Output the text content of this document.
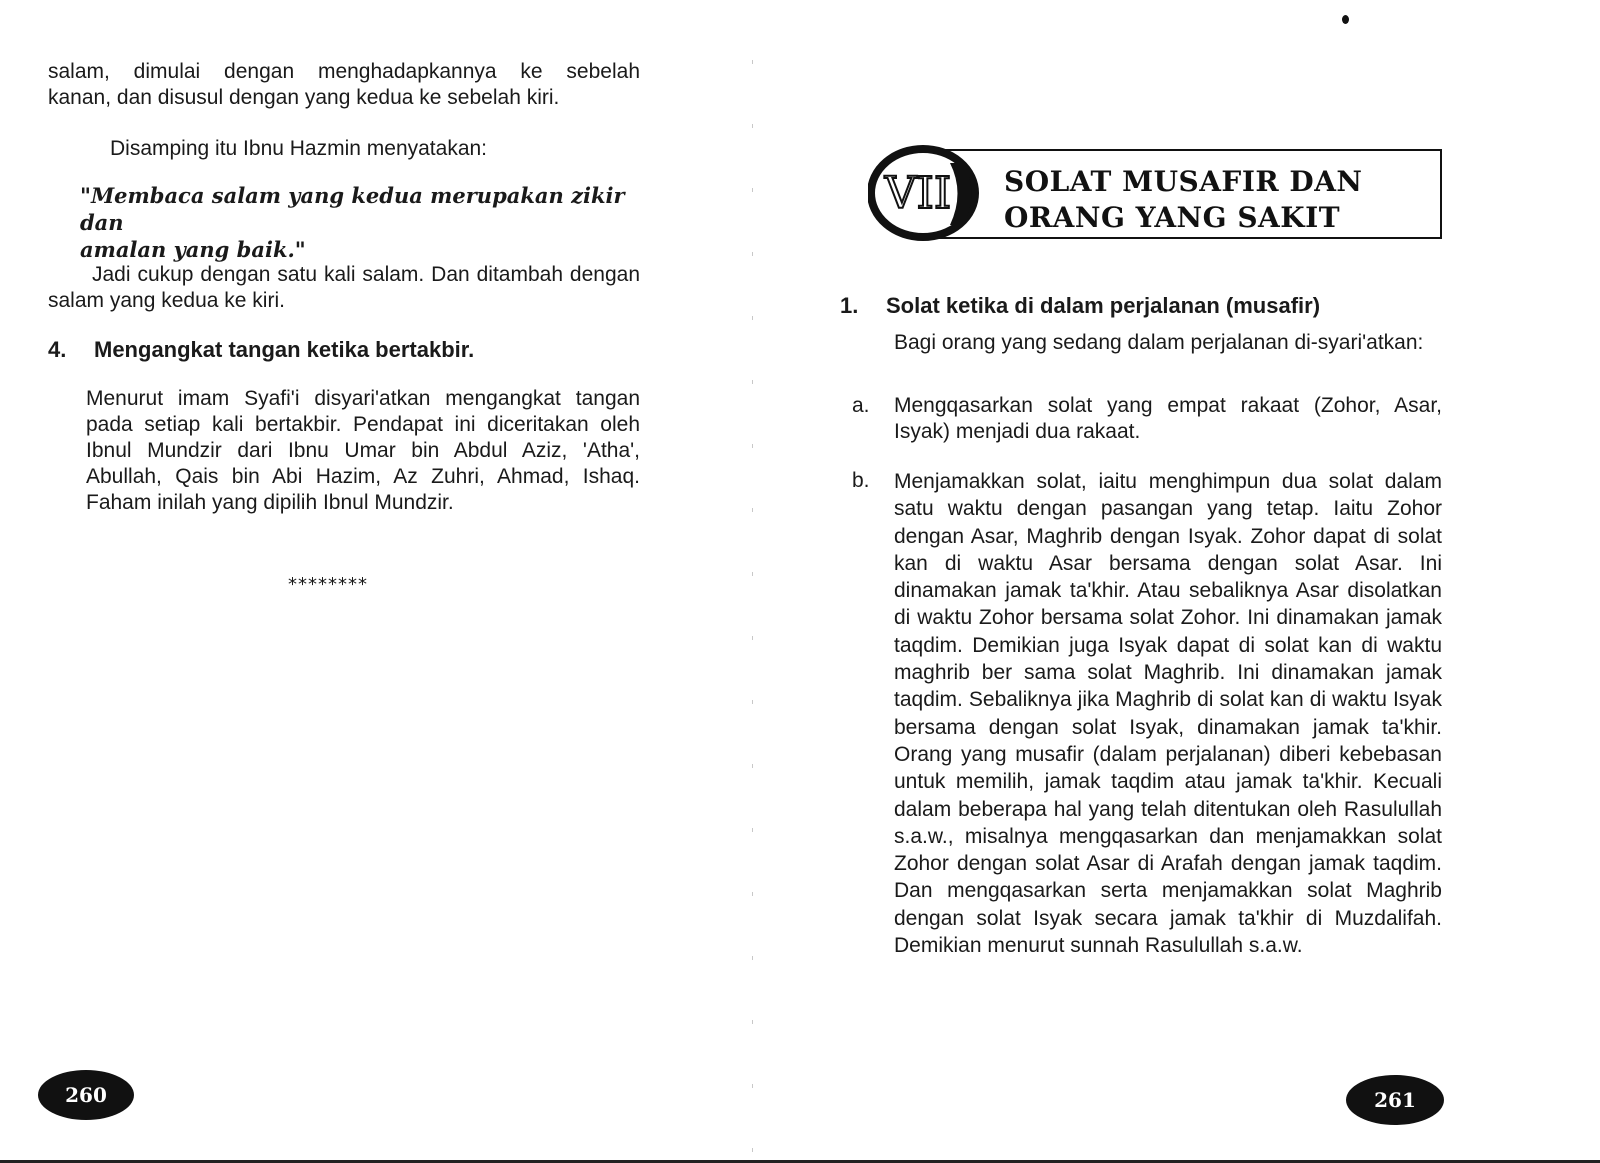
salam, dimulai dengan menghadapkannya ke sebelah
kanan, dan disusul dengan yang kedua ke sebelah kiri.

Disamping itu Ibnu Hazmin menyatakan:

"Membaca salam yang kedua merupakan zikir dan
amalan yang baik."

Jadi cukup dengan satu kali salam. Dan ditambah dengan salam yang kedua ke kiri.

4. Mengangkat tangan ketika bertakbir.

Menurut imam Syafi'i disyari'atkan mengangkat tangan pada setiap kali bertakbir. Pendapat ini diceritakan oleh Ibnul Mundzir dari Ibnu Umar bin Abdul Aziz, 'Atha', Abullah, Qais bin Abi Hazim, Az Zuhri, Ahmad, Ishaq. Faham inilah yang dipilih Ibnul Mundzir.

********
260
VII SOLAT MUSAFIR DAN
ORANG YANG SAKIT
1. Solat ketika di dalam perjalanan (musafir)

Bagi orang yang sedang dalam perjalanan di-syari'atkan:

a. Mengqasarkan solat yang empat rakaat (Zohor, Asar, Isyak) menjadi dua rakaat.

b. Menjamakkan solat, iaitu menghimpun dua solat dalam satu waktu dengan pasangan yang tetap. Iaitu Zohor dengan Asar, Maghrib dengan Isyak. Zohor dapat di solat kan di waktu Asar bersama dengan solat Asar. Ini dinamakan jamak ta'khir. Atau sebaliknya Asar disolatkan di waktu Zohor bersama solat Zohor. Ini dinamakan jamak taqdim. Demikian juga Isyak dapat di solat kan di waktu maghrib ber sama solat Maghrib. Ini dinamakan jamak taqdim. Sebaliknya jika Maghrib di solat kan di waktu Isyak bersama dengan solat Isyak, dinamakan jamak ta'khir. Orang yang musafir (dalam perjalanan) diberi kebebasan untuk memilih, jamak taqdim atau jamak ta'khir. Kecuali dalam beberapa hal yang telah ditentukan oleh Rasulullah s.a.w., misalnya mengqasarkan dan menjamakkan solat Zohor dengan solat Asar di Arafah dengan jamak taqdim. Dan mengqasarkan serta menjamakkan solat Maghrib dengan solat Isyak secara jamak ta'khir di Muzdalifah. Demikian menurut sunnah Rasulullah s.a.w.

261
